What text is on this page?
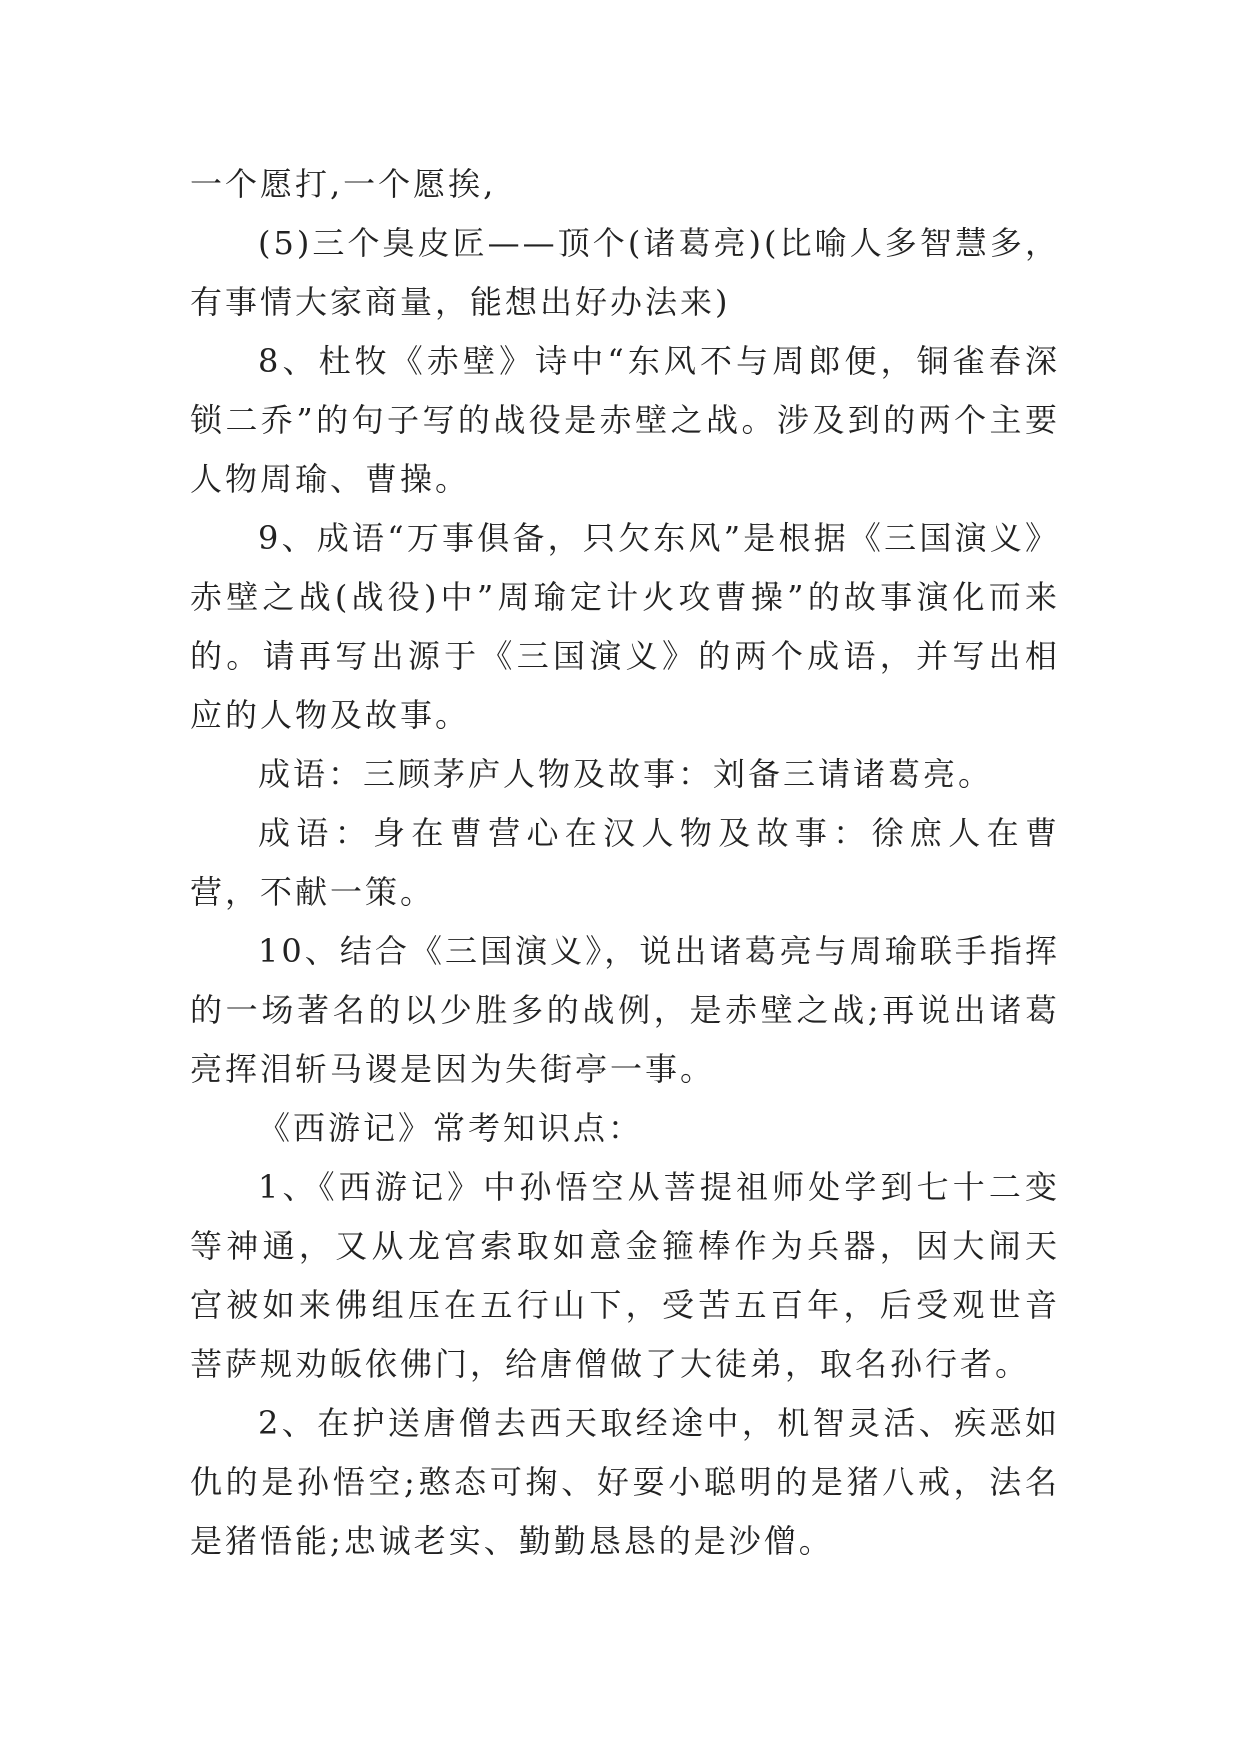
一个愿打,一个愿挨,

(5)三个臭皮匠——顶个(诸葛亮)(比喻人多智慧多，有事情大家商量，能想出好办法来)

8、杜牧《赤壁》诗中“东风不与周郎便，铜雀春深锁二乔”的句子写的战役是赤壁之战。涉及到的两个主要人物周瑜、曹操。

9、成语“万事俱备，只欠东风”是根据《三国演义》赤壁之战(战役)中”周瑜定计火攻曹操”的故事演化而来的。请再写出源于《三国演义》的两个成语，并写出相应的人物及故事。

成语：三顾茅庐人物及故事：刘备三请诸葛亮。

成语：身在曹营心在汉人物及故事：徐庶人在曹营，不献一策。

10、结合《三国演义》，说出诸葛亮与周瑜联手指挥的一场著名的以少胜多的战例，是赤壁之战;再说出诸葛亮挥泪斩马谡是因为失街亭一事。

《西游记》常考知识点：

1、《西游记》中孙悟空从菩提祖师处学到七十二变等神通，又从龙宫索取如意金箍棒作为兵器，因大闹天宫被如来佛组压在五行山下，受苦五百年，后受观世音菩萨规劝皈依佛门，给唐僧做了大徒弟，取名孙行者。

2、在护送唐僧去西天取经途中，机智灵活、疾恶如仇的是孙悟空;憨态可掬、好耍小聪明的是猪八戒，法名是猪悟能;忠诚老实、勤勤恳恳的是沙僧。
